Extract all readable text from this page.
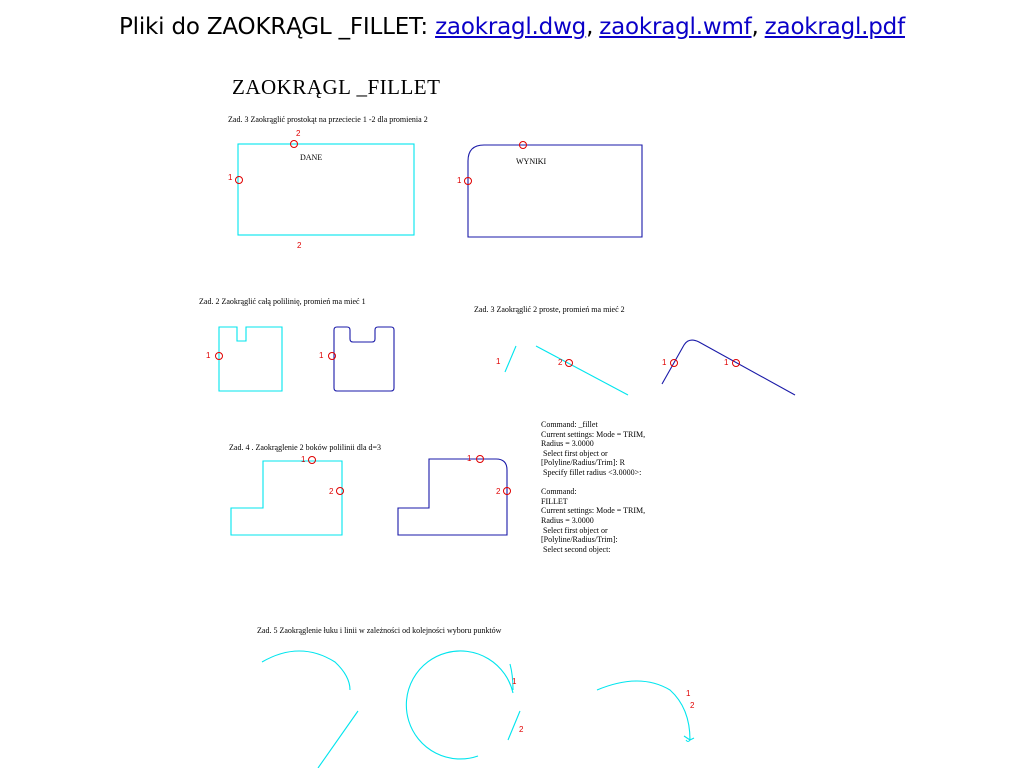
Pliki do ZAOKRĄGL _FILLET: zaokragl.dwg, zaokragl.wmf, zaokragl.pdf
ZAOKRĄGL _FILLET
Zad. 3 Zaokrąglić prostokąt na przeciecie 1 -2 dla promienia 2
Zad. 2 Zaokrąglić całą polilinię, promień ma mieć 1
Zad. 3 Zaokrąglić 2 proste, promień ma mieć 2
Zad. 4 . Zaokrąglenie 2 boków polilinii dla d=3
Zad. 5 Zaokrąglenie łuku i linii w zależności od kolejności wyboru punktów
DANE	WYNIKI
Command: _fillet
Current settings: Mode = TRIM,
Radius = 3.0000
Select first object or
[Polyline/Radius/Trim]: R
Specify fillet radius <3.0000>:

Command:
FILLET
Current settings: Mode = TRIM,
Radius = 3.0000
Select first object or
[Polyline/Radius/Trim]:
Select second object:
2
1
2
1
1	1
1	2	1	1
1
2
1
2
1
2
1
2
